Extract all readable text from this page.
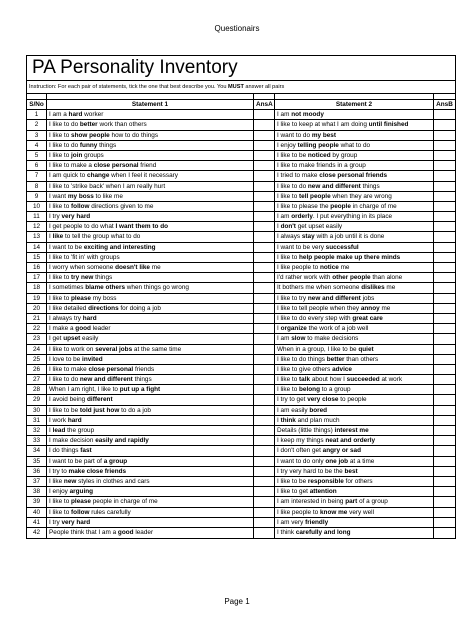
Questionairs
PA Personality Inventory
Instruction: For each pair of statements, tick the one that best describe you. You MUST answer all pairs
S/No	Statement 1	AnsA	Statement 2	AnsB
1	I am a hard worker	I am not moody
2	I like to do better work than others	I like to keep at what I am doing until finished
3	I like to show people how to do things	I want to do my best
4	I like to do funny things	I enjoy telling people what to do
5	I like to join groups	I like to be noticed by group
6	I like to make a close personal friend	I like to make friends in a group
7	I am quick to change when I feel it necessary	I tried to make close personal friends
8	I like to 'strike back' when I am really hurt	I like to do new and different things
9	I want my boss to like me	I like to tell people when they are wrong
10	I like to follow directions given to me	I like to please the people in charge of me
11	I try very hard	I am orderly. I put everything in its place
12	I get people to do what I want them to do	I don't get upset easily
13	I like to tell the group what to do	I always stay with a job until it is done
14	I want to be exciting and interesting	I want to be very successful
15	I like to 'fit in' with groups	I like to help people make up there minds
16	I worry when someone doesn't like me	I like people to notice me
17	I like to try new things	I'd rather work with other people than alone
18	I sometimes blame others when things go wrong	It bothers me when someone dislikes me
19	I like to please my boss	I like to try new and different jobs
20	I like detailed directions for doing a job	I like to tell people when they annoy me
21	I always try hard	I like to do every step with great care
22	I make a good leader	I organize the work of a job well
23	I get upset easily	I am slow to make decisions
24	I like to work on several jobs at the same time	When in a group, I like to be quiet
25	I love to be invited	I like to do things better than others
26	I like to make close personal friends	I like to give others advice
27	I like to do new and different things	I like to talk about how I succeeded at work
28	When I am right, I like to put up a fight	I like to belong to a group
29	I avoid being different	I try to get very close to people
30	I like to be told just how to do a job	I am easily bored
31	I work hard	I think and plan much
32	I lead the group	Details (little things) interest me
33	I make decision easily and rapidly	I keep my things neat and orderly
34	I do things fast	I don't often get angry or sad
35	I want to be part of a group	I want to do only one job at a time
36	I try to make close friends	I try very hard to be the best
37	I like new styles in clothes and cars	I like to be responsible for others
38	I enjoy arguing	I like to get attention
39	I like to please people in charge of me	I am interested in being part of a group
40	I like to follow rules carefully	I like people to know me very well
41	I try very hard	I am very friendly
42	People think that I am a good leader	I think carefully and long
Page 1
